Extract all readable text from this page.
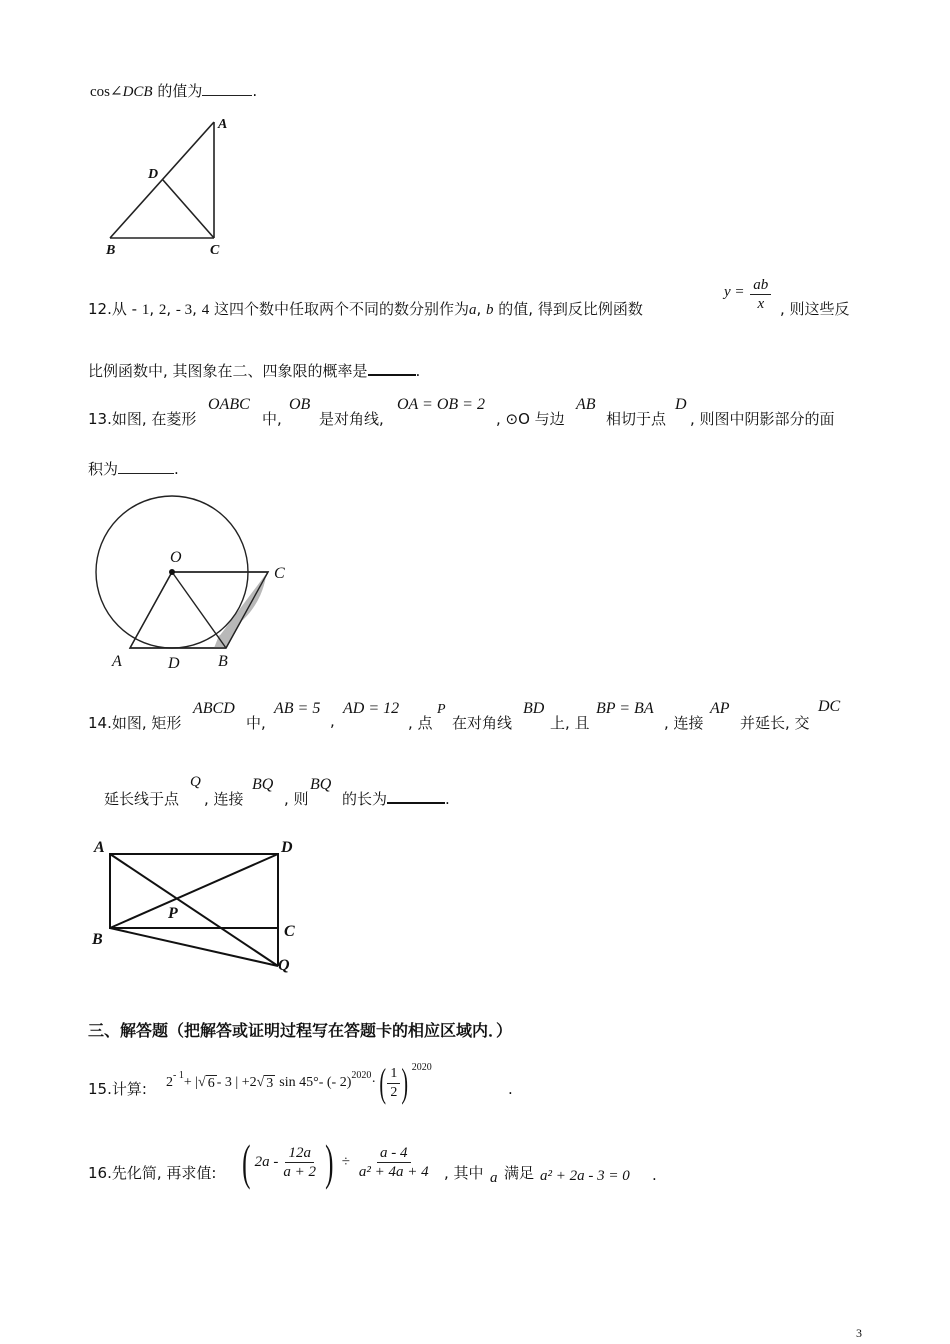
cos∠DCB 的值为	.
A
D
B	C
12.从 - 1, 2, - 3, 4 这四个数中任取两个不同的数分别作为a, b 的值, 得到反比例函数
$y = \frac{ab}{x}$ , 则这些反
比例函数中, 其图象在二、四象限的概率是	.
13.如图, 在菱形
OABC
中,
OB
是对角线,
OA = OB = 2
, ⊙O 与边
AB
相切于点
D
, 则图中阴影部分的面
积为	.
O
C
A	D B
14.如图, 矩形
ABCD
中,
AB = 5
,
AD = 12
, 点
P
在对角线
BD
上, 且
BP = BA
, 连接
AP
并延长, 交
DC
延长线于点
Q
, 连接
BQ
, 则
BQ
的长为	.
A	D
B	C
P
Q
三、解答题（把解答或证明过程写在答题卡的相应区域内．）
15.计算: 2 - 1 + | √ 6 - 3 | +2 √ 3 sin 45° - (- 2) 2020 · ( $\frac{1}{2}$ ) 2020
.
16.先化简, 再求值: ( $2a - \frac{12a}{a + 2}$ ) ÷ $\frac{a - 4}{\text{a² + 4a + 4}}$ , 其中 a 满足 a² + 2a - 3 = 0 .
3
